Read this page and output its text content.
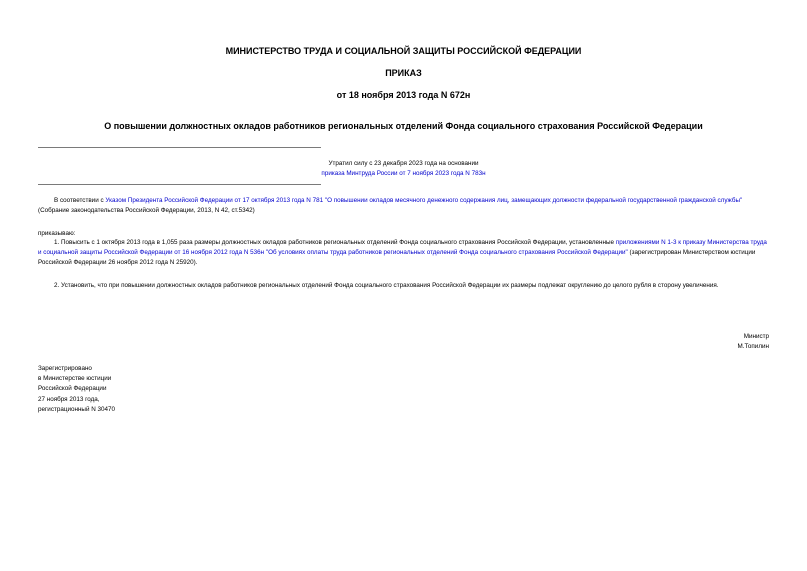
МИНИСТЕРСТВО ТРУДА И СОЦИАЛЬНОЙ ЗАЩИТЫ РОССИЙСКОЙ ФЕДЕРАЦИИ
ПРИКАЗ
от 18 ноября 2013 года N 672н
О повышении должностных окладов работников региональных отделений Фонда социального страхования Российской Федерации
Утратил силу с 23 декабря 2023 года на основании
приказа Минтруда России от 7 ноября 2023 года N 783н
В соответствии с Указом Президента Российской Федерации от 17 октября 2013 года N 781 "О повышении окладов месячного денежного содержания лиц, замещающих должности федеральной государственной гражданской службы" (Собрание законодательства Российской Федерации, 2013, N 42, ст.5342)
приказываю:
1. Повысить с 1 октября 2013 года в 1,055 раза размеры должностных окладов работников региональных отделений Фонда социального страхования Российской Федерации, установленные приложениями N 1-3 к приказу Министерства труда и социальной защиты Российской Федерации от 16 ноября 2012 года N 536н "Об условиях оплаты труда работников региональных отделений Фонда социального страхования Российской Федерации" (зарегистрирован Министерством юстиции Российской Федерации 26 ноября 2012 года N 25920).
2. Установить, что при повышении должностных окладов работников региональных отделений Фонда социального страхования Российской Федерации их размеры подлежат округлению до целого рубля в сторону увеличения.
Министр
М.Топилин
Зарегистрировано
в Министерстве юстиции
Российской Федерации
27 ноября 2013 года,
регистрационный N 30470
